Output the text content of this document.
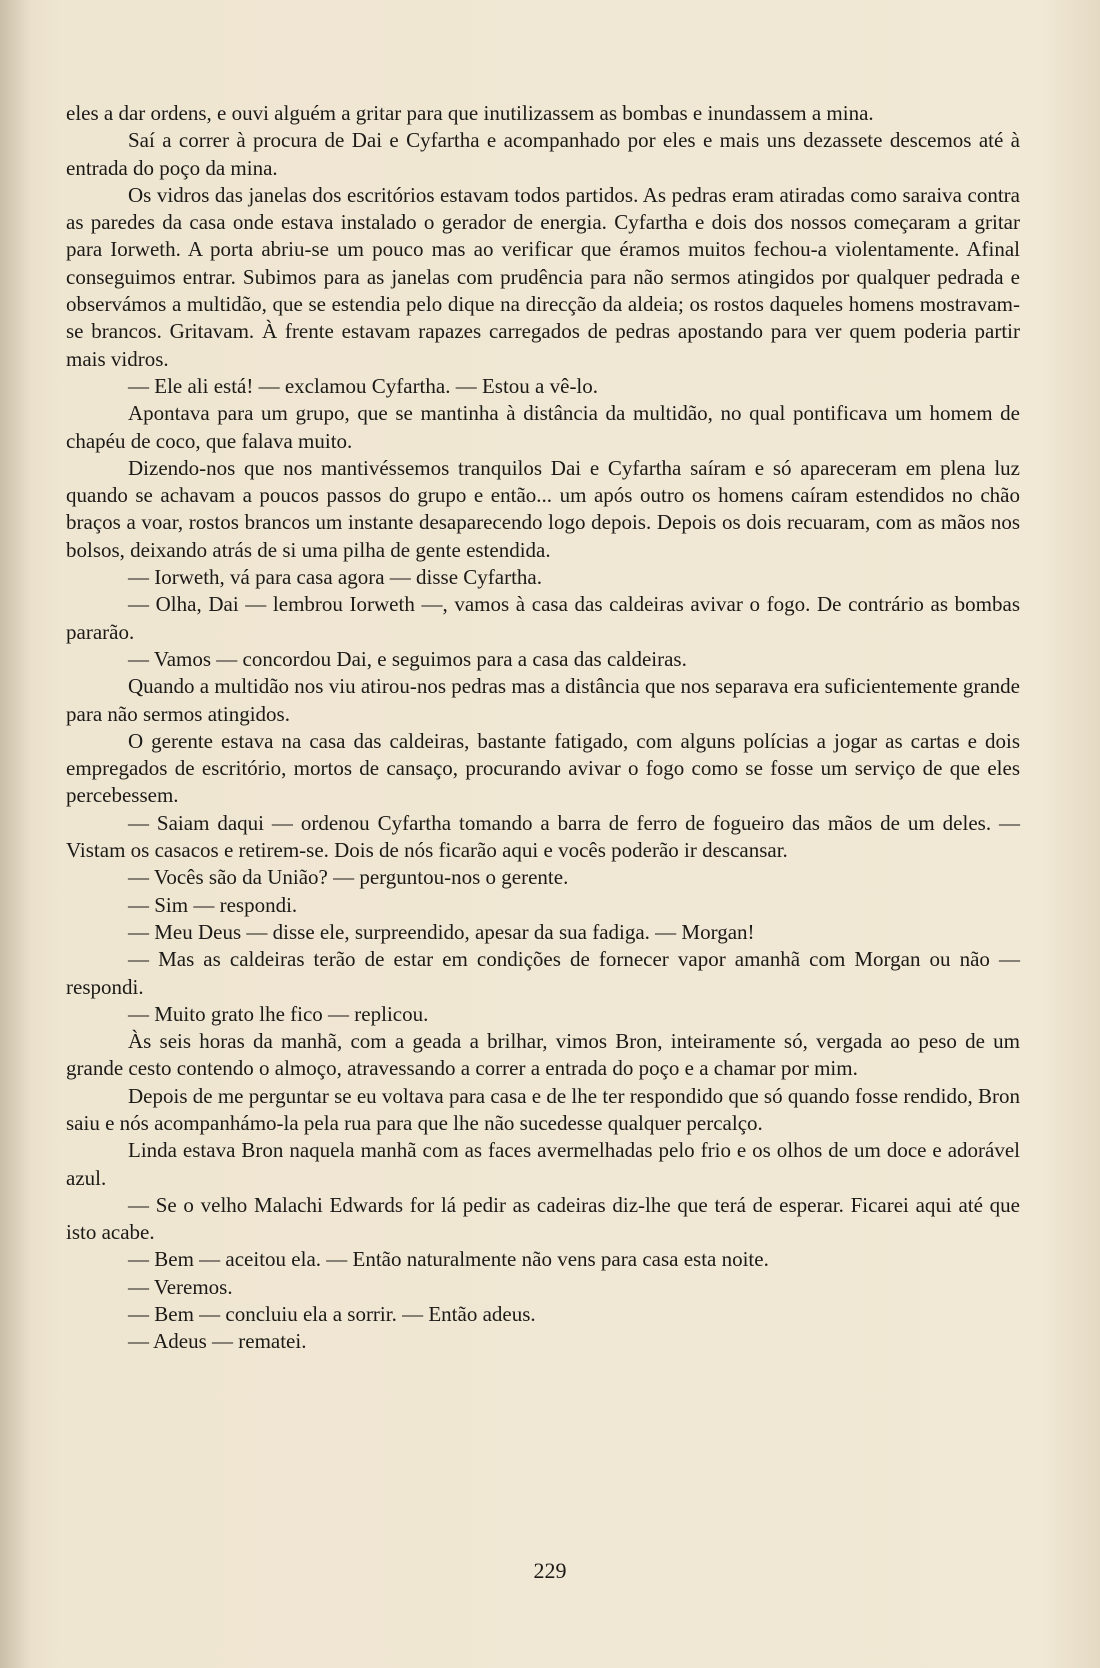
eles a dar ordens, e ouvi alguém a gritar para que inutilizassem as bombas e inundassem a mina.

Saí a correr à procura de Dai e Cyfartha e acompanhado por eles e mais uns dezassete descemos até à entrada do poço da mina.

Os vidros das janelas dos escritórios estavam todos partidos. As pedras eram atiradas como saraiva contra as paredes da casa onde estava instalado o gerador de energia. Cyfartha e dois dos nossos começaram a gritar para Iorweth. A porta abriu-se um pouco mas ao verificar que éramos muitos fechou-a violentamente. Afinal conseguimos entrar. Subimos para as janelas com prudência para não sermos atingidos por qualquer pedrada e observámos a multidão, que se estendia pelo dique na direcção da aldeia; os rostos daqueles homens mostravam-se brancos. Gritavam. À frente estavam rapazes carregados de pedras apostando para ver quem poderia partir mais vidros.

— Ele ali está! — exclamou Cyfartha. — Estou a vê-lo.

Apontava para um grupo, que se mantinha à distância da multidão, no qual pontificava um homem de chapéu de coco, que falava muito.

Dizendo-nos que nos mantivéssemos tranquilos Dai e Cyfartha saíram e só apareceram em plena luz quando se achavam a poucos passos do grupo e então... um após outro os homens caíram estendidos no chão braços a voar, rostos brancos um instante desaparecendo logo depois. Depois os dois recuaram, com as mãos nos bolsos, deixando atrás de si uma pilha de gente estendida.

— Iorweth, vá para casa agora — disse Cyfartha.

— Olha, Dai — lembrou Iorweth —, vamos à casa das caldeiras avivar o fogo. De contrário as bombas pararão.

— Vamos — concordou Dai, e seguimos para a casa das caldeiras.

Quando a multidão nos viu atirou-nos pedras mas a distância que nos separava era suficientemente grande para não sermos atingidos.

O gerente estava na casa das caldeiras, bastante fatigado, com alguns polícias a jogar as cartas e dois empregados de escritório, mortos de cansaço, procurando avivar o fogo como se fosse um serviço de que eles percebessem.

— Saiam daqui — ordenou Cyfartha tomando a barra de ferro de fogueiro das mãos de um deles. — Vistam os casacos e retirem-se. Dois de nós ficarão aqui e vocês poderão ir descansar.

— Vocês são da União? — perguntou-nos o gerente.

— Sim — respondi.

— Meu Deus — disse ele, surpreendido, apesar da sua fadiga. — Morgan!

— Mas as caldeiras terão de estar em condições de fornecer vapor amanhã com Morgan ou não — respondi.

— Muito grato lhe fico — replicou.

Às seis horas da manhã, com a geada a brilhar, vimos Bron, inteiramente só, vergada ao peso de um grande cesto contendo o almoço, atravessando a correr a entrada do poço e a chamar por mim.

Depois de me perguntar se eu voltava para casa e de lhe ter respondido que só quando fosse rendido, Bron saiu e nós acompanhámo-la pela rua para que lhe não sucedesse qualquer percalço.

Linda estava Bron naquela manhã com as faces avermelhadas pelo frio e os olhos de um doce e adorável azul.

— Se o velho Malachi Edwards for lá pedir as cadeiras diz-lhe que terá de esperar. Ficarei aqui até que isto acabe.

— Bem — aceitou ela. — Então naturalmente não vens para casa esta noite.

— Veremos.

— Bem — concluiu ela a sorrir. — Então adeus.

— Adeus — rematei.

229
